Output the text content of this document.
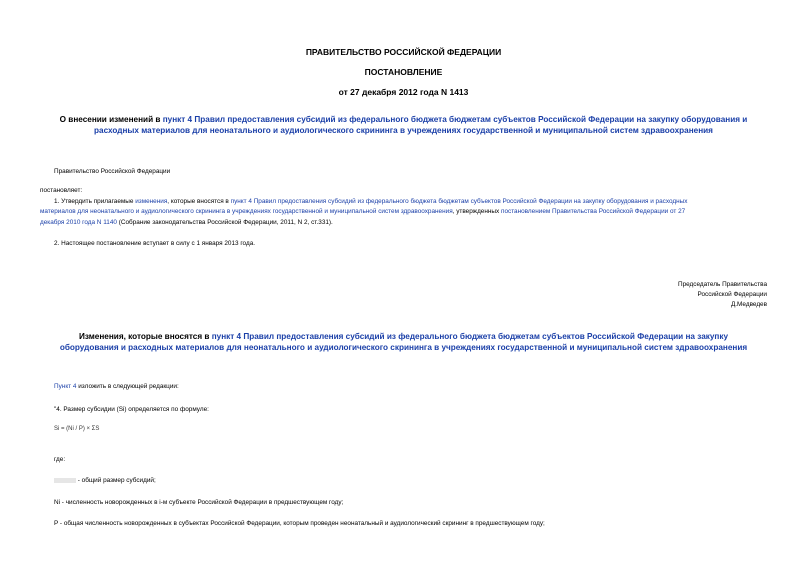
ПРАВИТЕЛЬСТВО РОССИЙСКОЙ ФЕДЕРАЦИИ
ПОСТАНОВЛЕНИЕ
от 27 декабря 2012 года N 1413
О внесении изменений в пункт 4 Правил предоставления субсидий из федерального бюджета бюджетам субъектов Российской Федерации на закупку оборудования и расходных материалов для неонатального и аудиологического скрининга в учреждениях государственной и муниципальной систем здравоохранения
Правительство Российской Федерации
постановляет:
1. Утвердить прилагаемые изменения, которые вносятся в пункт 4 Правил предоставления субсидий из федерального бюджета бюджетам субъектов Российской Федерации на закупку оборудования и расходных
материалов для неонатального и аудиологического скрининга в учреждениях государственной и муниципальной систем здравоохранения, утвержденных постановлением Правительства Российской Федерации от 27
декабря 2010 года N 1140 (Собрание законодательства Российской Федерации, 2011, N 2, ст.331).
2. Настоящее постановление вступает в силу с 1 января 2013 года.
Председатель Правительства
Российской Федерации
Д.Медведев
Изменения, которые вносятся в пункт 4 Правил предоставления субсидий из федерального бюджета бюджетам субъектов Российской Федерации на закупку оборудования и расходных материалов для неонатального и аудиологического скрининга в учреждениях государственной и муниципальной систем здравоохранения
Пункт 4 изложить в следующей редакции:
"4. Размер субсидии (Si) определяется по формуле:
Si = (Ni / P) × ΣS
где:
- общий размер субсидий;
Ni - численность новорожденных в i-м субъекте Российской Федерации в предшествующем году;
P - общая численность новорожденных в субъектах Российской Федерации, которым проведен неонатальный и аудиологический скрининг в предшествующем году;
